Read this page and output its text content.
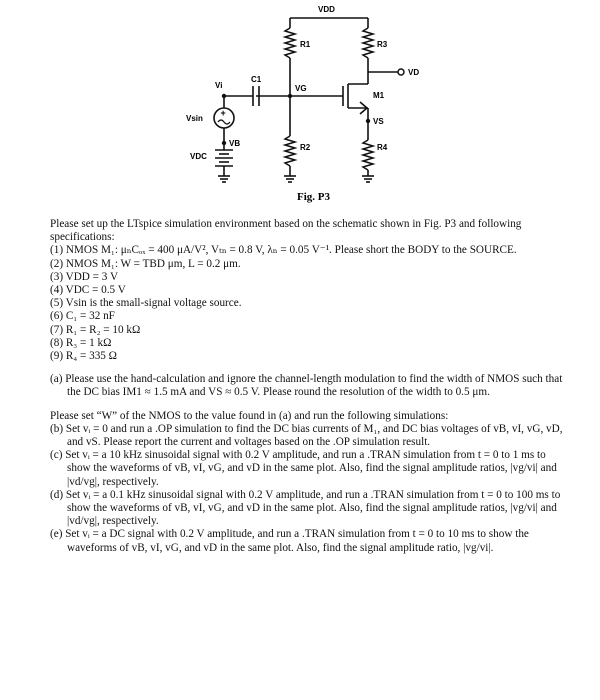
VDD
R1	R3
VD
VG
M1
VS
R4
R2
C1
Vi
+
Vsin
VB
VDC
Fig. P3

Please set up the LTspice simulation environment based on the schematic shown in Fig. P3 and following specifications:

(1) NMOS M₁: μₙCₒₓ = 400 μA/V², Vₜₙ = 0.8 V, λₙ = 0.05 V⁻¹. Please short the BODY to the SOURCE.

(2) NMOS M₁: W = TBD μm, L = 0.2 μm.

(3) VDD = 3 V

(4) VDC = 0.5 V

(5) Vsin is the small-signal voltage source.

(6) C₁ = 32 nF

(7) R₁ = R₂ = 10 kΩ

(8) R₃ = 1 kΩ

(9) R₄ = 335 Ω

(a) Please use the hand-calculation and ignore the channel-length modulation to find the width of NMOS such that the DC bias IM1 ≈ 1.5 mA and VS ≈ 0.5 V. Please round the resolution of the width to 0.5 μm.

Please set “W” of the NMOS to the value found in (a) and run the following simulations:

(b) Set vᵢ = 0 and run a .OP simulation to find the DC bias currents of M₁, and DC bias voltages of vB, vI, vG, vD, and vS. Please report the current and voltages based on the .OP simulation result.

(c) Set vᵢ = a 10 kHz sinusoidal signal with 0.2 V amplitude, and run a .TRAN simulation from t = 0 to 1 ms to show the waveforms of vB, vI, vG, and vD in the same plot. Also, find the signal amplitude ratios, |vg/vi| and |vd/vg|, respectively.

(d) Set vᵢ = a 0.1 kHz sinusoidal signal with 0.2 V amplitude, and run a .TRAN simulation from t = 0 to 100 ms to show the waveforms of vB, vI, vG, and vD in the same plot. Also, find the signal amplitude ratios, |vg/vi| and |vd/vg|, respectively.

(e) Set vᵢ = a DC signal with 0.2 V amplitude, and run a .TRAN simulation from t = 0 to 10 ms to show the waveforms of vB, vI, vG, and vD in the same plot. Also, find the signal amplitude ratio, |vg/vi|.
